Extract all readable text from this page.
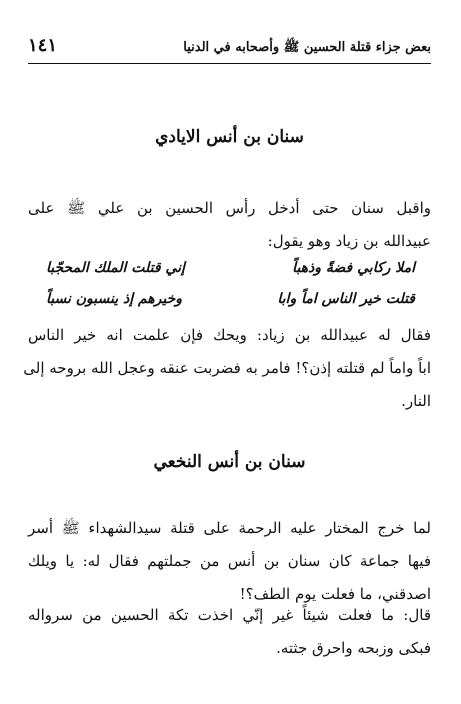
بعض جزاء قتلة الحسين ﷺ وأصحابه في الدنيا
١٤١
سنان بن أنس الايادي
واقبل سنان حتى أدخل رأس الحسين بن علي ﷺ على
عبيدالله بن زياد وهو يقول:
املا ركابي فضةً وذهباً
إني قتلت الملك المحجّبا
قتلت خير الناس اماً وابا
وخيرهم إذ ينسبون نسباً
فقال له عبيدالله بن زياد: ويحك فإن علمت انه خير الناس
اباً واماً لم قتلته إذن؟! فامر به فضربت عنقه وعجل الله بروحه إلى
النار.
سنان بن أنس النخعي
لما خرج المختار عليه الرحمة على قتلة سيدالشهداء ﷺ أسر
فيها جماعة كان سنان بن أنس من جملتهم فقال له: يا ويلك
اصدقني، ما فعلت يوم الطف؟!
قال: ما فعلت شيئاً غير إنّي اخذت تكة الحسين من سرواله
فبكى وزبحه واحرق جثته.
